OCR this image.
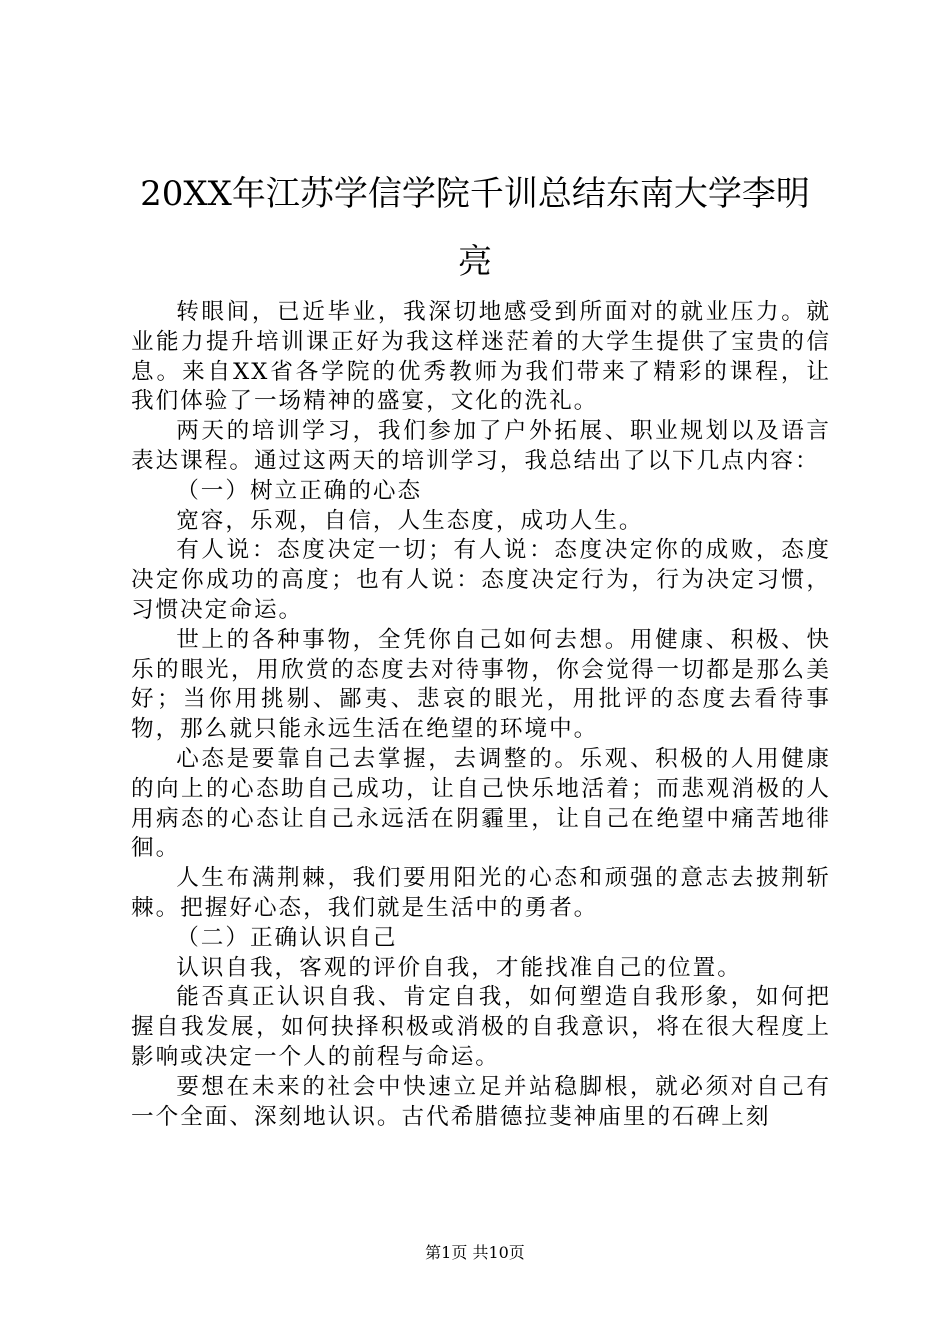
20XX年江苏学信学院千训总结东南大学李明
亮

转眼间，已近毕业，我深切地感受到所面对的就业压力。就业能力提升培训课正好为我这样迷茫着的大学生提供了宝贵的信息。来自XX省各学院的优秀教师为我们带来了精彩的课程，让我们体验了一场精神的盛宴，文化的洗礼。

两天的培训学习，我们参加了户外拓展、职业规划以及语言表达课程。通过这两天的培训学习，我总结出了以下几点内容：

（一）树立正确的心态

宽容，乐观，自信，人生态度，成功人生。

有人说：态度决定一切；有人说：态度决定你的成败，态度决定你成功的高度；也有人说：态度决定行为，行为决定习惯，习惯决定命运。

世上的各种事物，全凭你自己如何去想。用健康、积极、快乐的眼光，用欣赏的态度去对待事物，你会觉得一切都是那么美好；当你用挑剔、鄙夷、悲哀的眼光，用批评的态度去看待事物，那么就只能永远生活在绝望的环境中。

心态是要靠自己去掌握，去调整的。乐观、积极的人用健康的向上的心态助自己成功，让自己快乐地活着；而悲观消极的人用病态的心态让自己永远活在阴霾里，让自己在绝望中痛苦地徘徊。

人生布满荆棘，我们要用阳光的心态和顽强的意志去披荆斩棘。把握好心态，我们就是生活中的勇者。

（二）正确认识自己

认识自我，客观的评价自我，才能找准自己的位置。

能否真正认识自我、肯定自我，如何塑造自我形象，如何把握自我发展，如何抉择积极或消极的自我意识，将在很大程度上影响或决定一个人的前程与命运。

要想在未来的社会中快速立足并站稳脚根，就必须对自己有一个全面、深刻地认识。古代希腊德拉斐神庙里的石碑上刻

第1页 共10页
